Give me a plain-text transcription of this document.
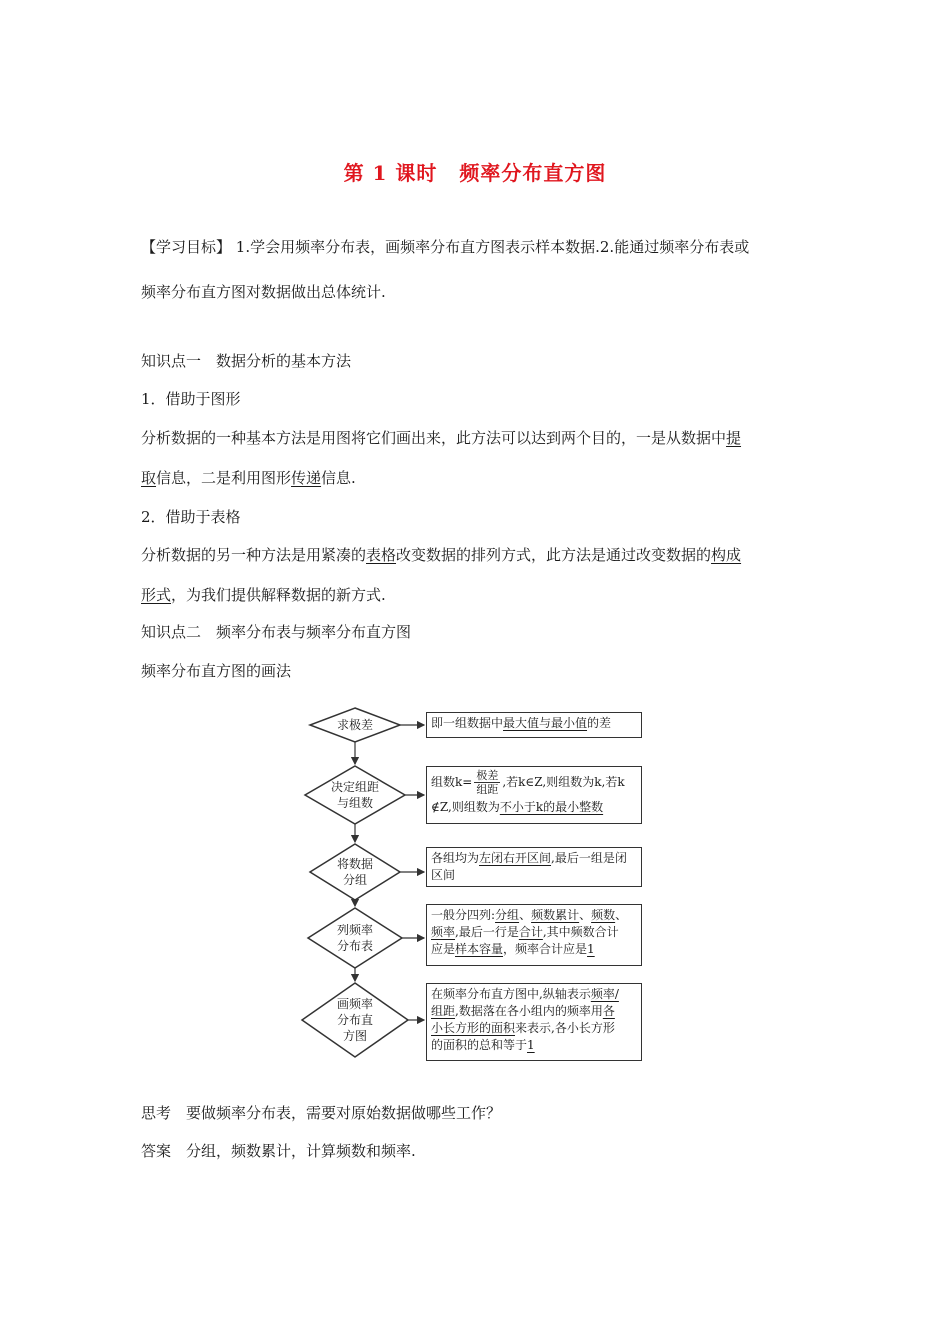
第 1 课时 频率分布直方图
【学习目标】 1.学会用频率分布表，画频率分布直方图表示样本数据.2.能通过频率分布表或
频率分布直方图对数据做出总体统计.
知识点一　数据分析的基本方法
1．借助于图形
分析数据的一种基本方法是用图将它们画出来，此方法可以达到两个目的，一是从数据中提
取信息，二是利用图形传递信息.
2．借助于表格
分析数据的另一种方法是用紧凑的表格改变数据的排列方式，此方法是通过改变数据的构成
形式，为我们提供解释数据的新方式.
知识点二　频率分布表与频率分布直方图
频率分布直方图的画法
求极差
决定组距
与组数
将数据
分组
列频率
分布表
画频率
分布直
方图
即一组数据中最大值与最小值的差
组数$k= \frac{\text{极差}}{\text{组距}}$ ,若k∈Z,则组数为k,若k
∉Z,则组数为不小于k的最小整数
各组均为左闭右开区间,最后一组是闭
区间
一般分四列:分组、频数累计、频数、
频率,最后一行是合计,其中频数合计
应是样本容量，频率合计应是1
在频率分布直方图中,纵轴表示频率/
组距,数据落在各小组内的频率用各
小长方形的面积来表示,各小长方形
的面积的总和等于1
思考　要做频率分布表，需要对原始数据做哪些工作？
答案　分组，频数累计，计算频数和频率.
